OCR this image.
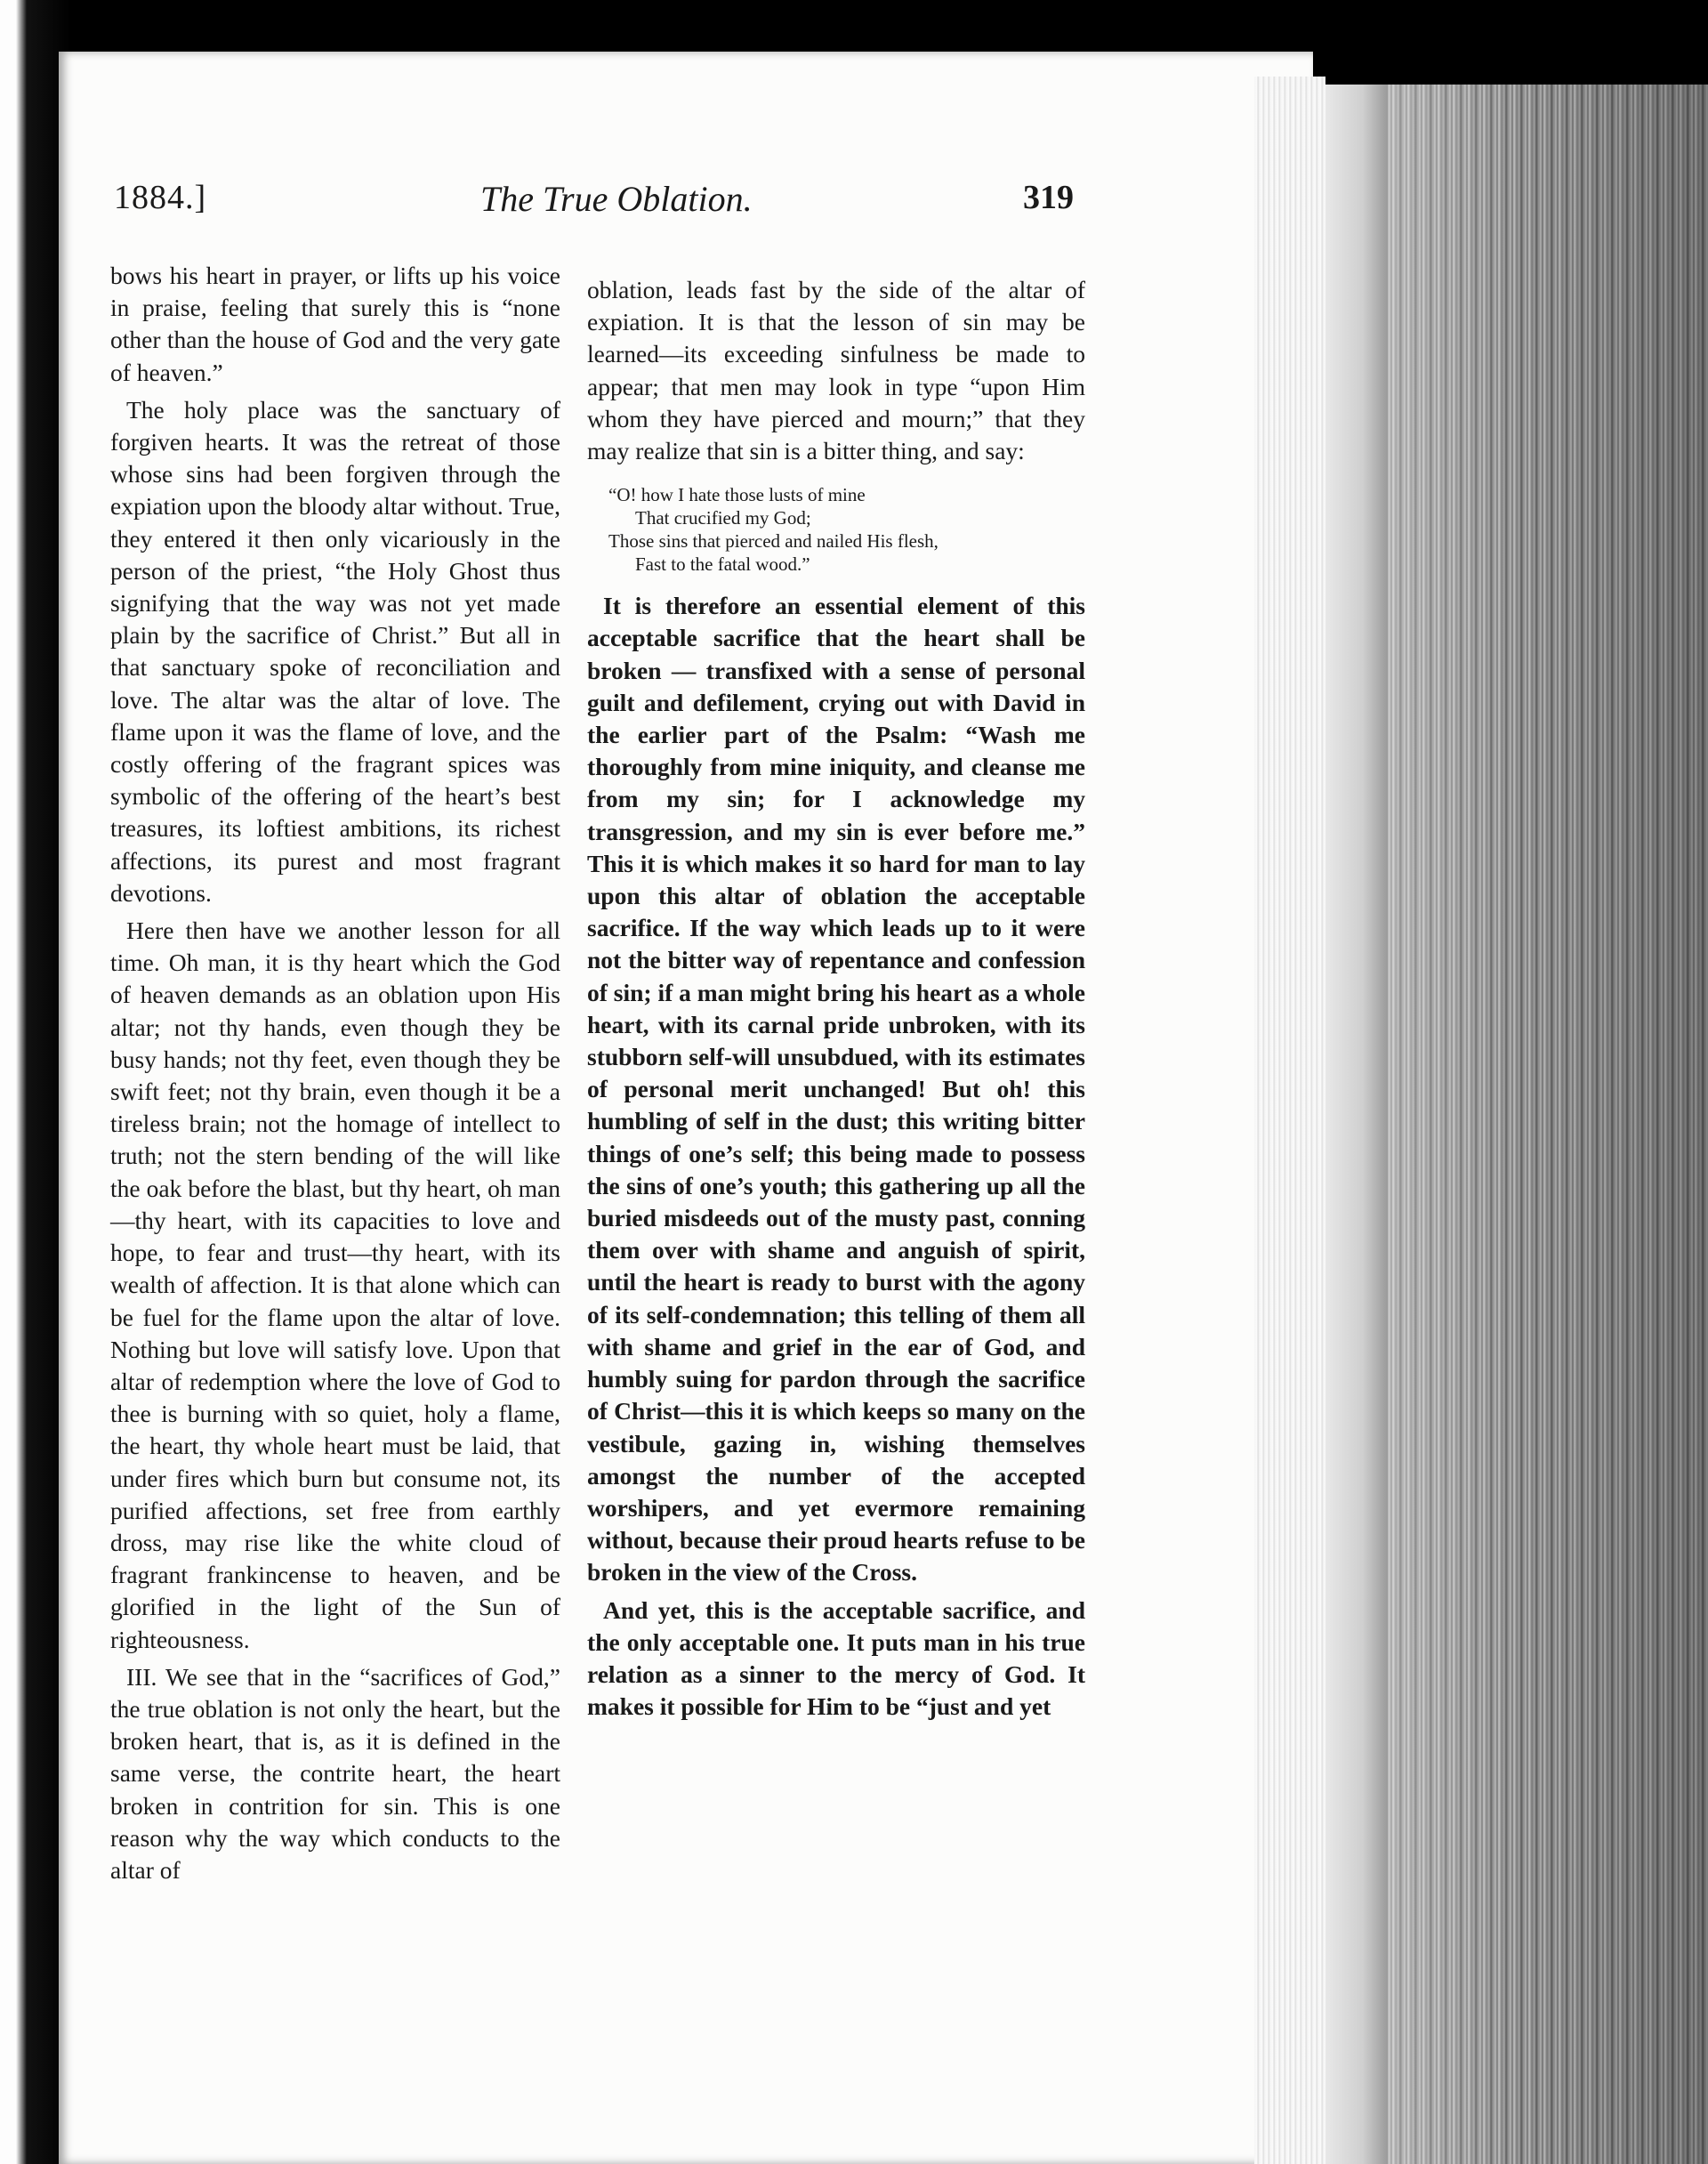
1884.]	The True Oblation.	319

bows his heart in prayer, or lifts up his voice in praise, feeling that surely this is “none other than the house of God and the very gate of heaven.”

The holy place was the sanctuary of forgiven hearts. It was the retreat of those whose sins had been forgiven through the expiation upon the bloody altar without. True, they entered it then only vicariously in the person of the priest, “the Holy Ghost thus signifying that the way was not yet made plain by the sacrifice of Christ.” But all in that sanctuary spoke of reconciliation and love. The altar was the altar of love. The flame upon it was the flame of love, and the costly offering of the fragrant spices was symbolic of the offering of the heart’s best treasures, its loftiest ambitions, its richest affections, its purest and most fragrant devotions.

Here then have we another lesson for all time. Oh man, it is thy heart which the God of heaven demands as an oblation upon His altar; not thy hands, even though they be busy hands; not thy feet, even though they be swift feet; not thy brain, even though it be a tireless brain; not the homage of intellect to truth; not the stern bending of the will like the oak before the blast, but thy heart, oh man—thy heart, with its capacities to love and hope, to fear and trust—thy heart, with its wealth of affection. It is that alone which can be fuel for the flame upon the altar of love. Nothing but love will satisfy love. Upon that altar of redemption where the love of God to thee is burning with so quiet, holy a flame, the heart, thy whole heart must be laid, that under fires which burn but consume not, its purified affections, set free from earthly dross, may rise like the white cloud of fragrant frankincense to heaven, and be glorified in the light of the Sun of righteousness.

III. We see that in the “sacrifices of God,” the true oblation is not only the heart, but the broken heart, that is, as it is defined in the same verse, the contrite heart, the heart broken in contrition for sin. This is one reason why the way which conducts to the altar of

oblation, leads fast by the side of the altar of expiation. It is that the lesson of sin may be learned—its exceeding sinfulness be made to appear; that men may look in type “upon Him whom they have pierced and mourn;” that they may realize that sin is a bitter thing, and say:

“O! how I hate those lusts of mine
That crucified my God;
Those sins that pierced and nailed His flesh,
Fast to the fatal wood.”

It is therefore an essential element of this acceptable sacrifice that the heart shall be broken — transfixed with a sense of personal guilt and defilement, crying out with David in the earlier part of the Psalm: “Wash me thoroughly from mine iniquity, and cleanse me from my sin; for I acknowledge my transgression, and my sin is ever before me.” This it is which makes it so hard for man to lay upon this altar of oblation the acceptable sacrifice. If the way which leads up to it were not the bitter way of repentance and confession of sin; if a man might bring his heart as a whole heart, with its carnal pride unbroken, with its stubborn self-will unsubdued, with its estimates of personal merit unchanged! But oh! this humbling of self in the dust; this writing bitter things of one’s self; this being made to possess the sins of one’s youth; this gathering up all the buried misdeeds out of the musty past, conning them over with shame and anguish of spirit, until the heart is ready to burst with the agony of its self-condemnation; this telling of them all with shame and grief in the ear of God, and humbly suing for pardon through the sacrifice of Christ—this it is which keeps so many on the vestibule, gazing in, wishing themselves amongst the number of the accepted worshipers, and yet evermore remaining without, because their proud hearts refuse to be broken in the view of the Cross.

And yet, this is the acceptable sacrifice, and the only acceptable one. It puts man in his true relation as a sinner to the mercy of God. It makes it possible for Him to be “just and yet
